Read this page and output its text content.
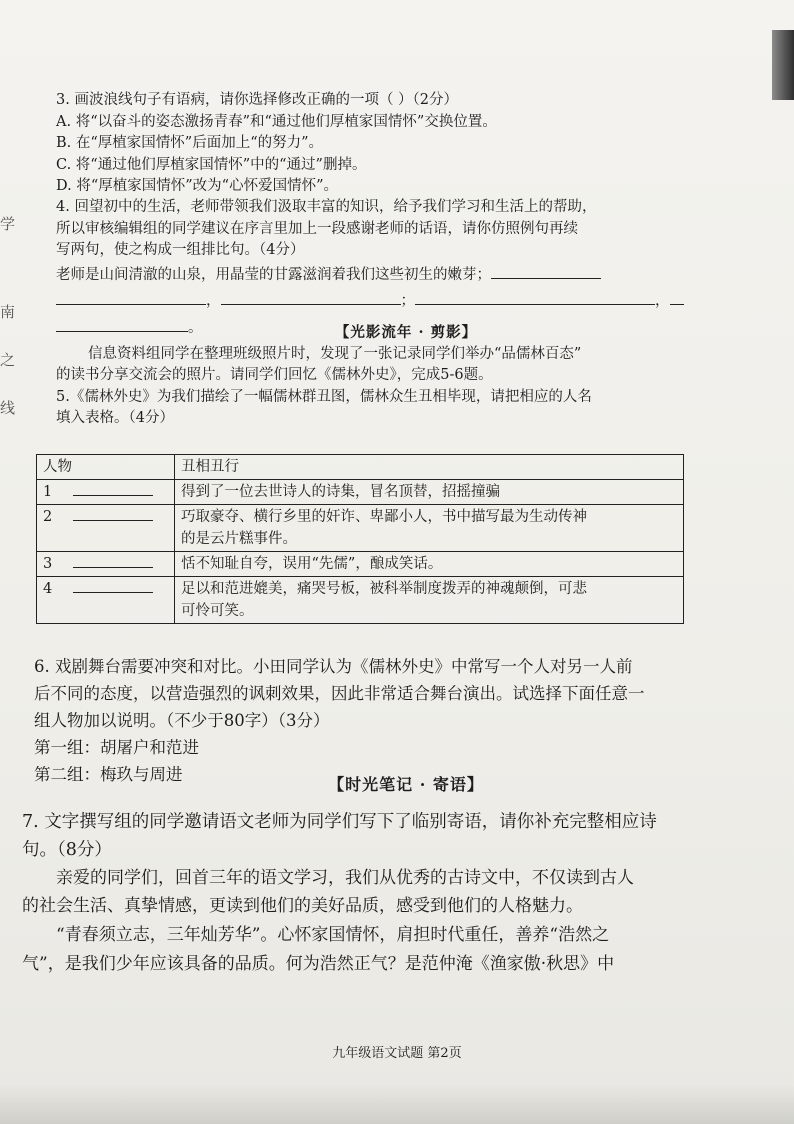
学
南
之
线

3. 画波浪线句子有语病，请你选择修改正确的一项（ ）（2分）

A. 将“以奋斗的姿态激扬青春”和“通过他们厚植家国情怀”交换位置。

B. 在“厚植家国情怀”后面加上“的努力”。

C. 将“通过他们厚植家国情怀”中的“通过”删掉。

D. 将“厚植家国情怀”改为“心怀爱国情怀”。

4. 回望初中的生活，老师带领我们汲取丰富的知识，给予我们学习和生活上的帮助，

所以审核编辑组的同学建议在序言里加上一段感谢老师的话语，请你仿照例句再续

写两句，使之构成一组排比句。（4分）

老师是山间清澈的山泉，用晶莹的甘露滋润着我们这些初生的嫩芽；

，	；	，

。	【光影流年 · 剪影】

信息资料组同学在整理班级照片时，发现了一张记录同学们举办“品儒林百态”

的读书分享交流会的照片。请同学们回忆《儒林外史》，完成5-6题。

5.《儒林外史》为我们描绘了一幅儒林群丑图，儒林众生丑相毕现，请把相应的人名

填入表格。（4分）

人物	丑相丑行
1	得到了一位去世诗人的诗集，冒名顶替，招摇撞骗
2	巧取豪夺、横行乡里的奸诈、卑鄙小人，书中描写最为生动传神
的是云片糕事件。

3	恬不知耻自夸，误用“先儒”，酿成笑话。
4	足以和范进媲美，痛哭号板，被科举制度拨弄的神魂颠倒，可悲
可怜可笑。

6. 戏剧舞台需要冲突和对比。小田同学认为《儒林外史》中常写一个人对另一人前

后不同的态度，以营造强烈的讽刺效果，因此非常适合舞台演出。试选择下面任意一

组人物加以说明。（不少于80字）（3分）

第一组：胡屠户和范进

第二组：梅玖与周进

【时光笔记 · 寄语】

7. 文字撰写组的同学邀请语文老师为同学们写下了临别寄语，请你补充完整相应诗

句。（8分）

亲爱的同学们，回首三年的语文学习，我们从优秀的古诗文中，不仅读到古人

的社会生活、真挚情感，更读到他们的美好品质，感受到他们的人格魅力。

“青春须立志，三年灿芳华”。心怀家国情怀，肩担时代重任，善养“浩然之

气”，是我们少年应该具备的品质。何为浩然正气？是范仲淹《渔家傲·秋思》中

九年级语文试题 第2页
